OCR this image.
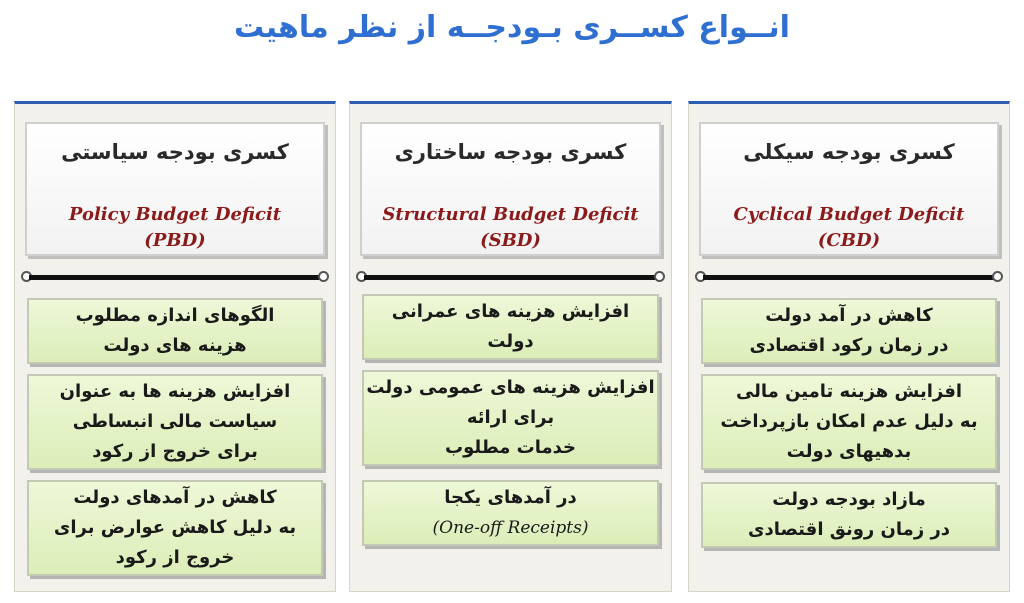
انــواع کســری بـودجــه از نظر ماهیت
کسری بودجه سیاستی
Policy Budget Deficit
(PBD)
الگوهای اندازه مطلوب
هزینه های دولت
افزایش هزینه ها به عنوان
سیاست مالی انبساطی
برای خروج از رکود
کاهش در آمدهای دولت
به دلیل کاهش عوارض برای
خروج از رکود
کسری بودجه ساختاری
Structural Budget Deficit
(SBD)
افزایش هزینه های عمرانی
دولت
افزایش هزینه های عمومی دولت
برای ارائه
خدمات مطلوب
در آمدهای یکجا
(One-off Receipts)
کسری بودجه سیکلی
Cyclical Budget Deficit
(CBD)
کاهش در آمد دولت
در زمان رکود اقتصادی
افزایش هزینه تامین مالی
به دلیل عدم امکان بازپرداخت
بدهیهای دولت
مازاد بودجه دولت
در زمان رونق اقتصادی
